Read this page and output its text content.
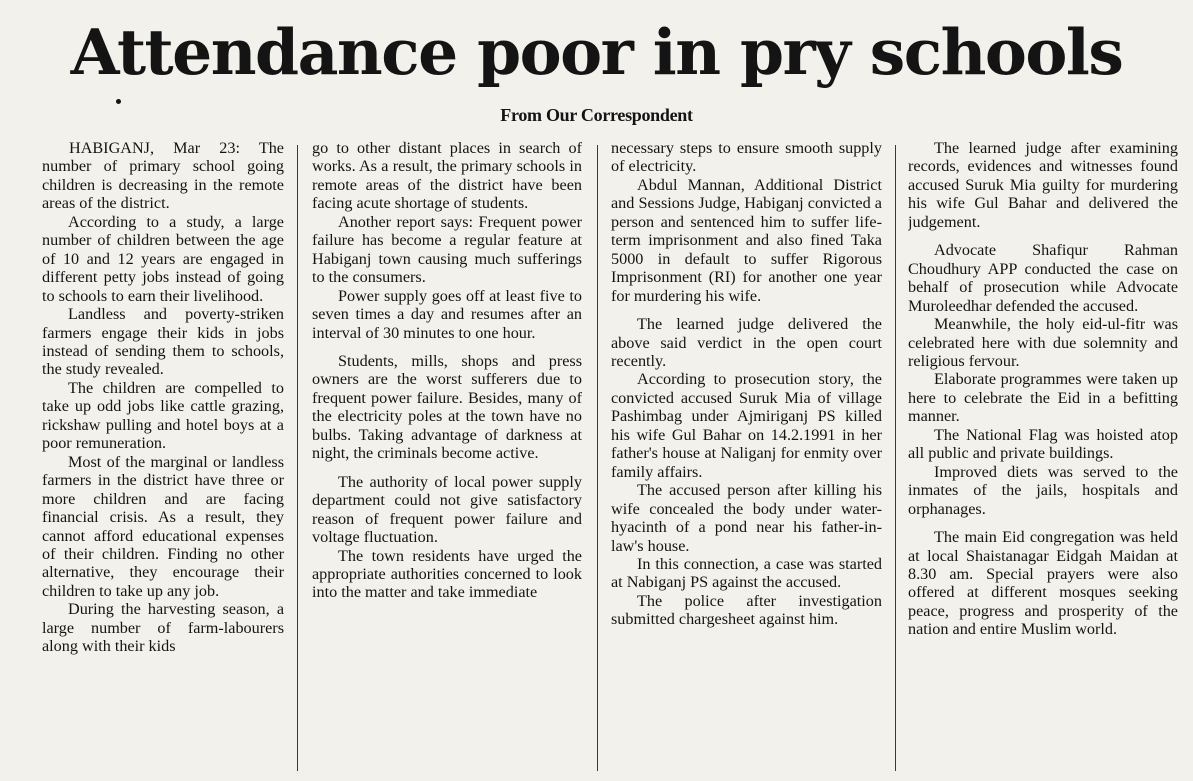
Attendance poor in pry schools
From Our Correspondent

HABIGANJ, Mar 23: The number of primary school going children is decreasing in the remote areas of the district.

According to a study, a large number of children between the age of 10 and 12 years are engaged in different petty jobs instead of going to schools to earn their livelihood.

Landless and poverty-striken farmers engage their kids in jobs instead of sending them to schools, the study revealed.

The children are compelled to take up odd jobs like cattle grazing, rickshaw pulling and hotel boys at a poor remuneration.

Most of the marginal or landless farmers in the district have three or more children and are facing financial crisis. As a result, they cannot afford educational expenses of their children. Finding no other alternative, they encourage their children to take up any job.

During the harvesting season, a large number of farm-labourers along with their kids

go to other distant places in search of works. As a result, the primary schools in remote areas of the district have been facing acute shortage of students.

Another report says: Frequent power failure has become a regular feature at Habiganj town causing much sufferings to the consumers.

Power supply goes off at least five to seven times a day and resumes after an interval of 30 minutes to one hour.

Students, mills, shops and press owners are the worst sufferers due to frequent power failure. Besides, many of the electricity poles at the town have no bulbs. Taking advantage of darkness at night, the criminals become active.

The authority of local power supply department could not give satisfactory reason of frequent power failure and voltage fluctuation.

The town residents have urged the appropriate authorities concerned to look into the matter and take immediate

necessary steps to ensure smooth supply of electricity.

Abdul Mannan, Additional District and Sessions Judge, Habiganj convicted a person and sentenced him to suffer life-term imprisonment and also fined Taka 5000 in default to suffer Rigorous Imprisonment (RI) for another one year for murdering his wife.

The learned judge delivered the above said verdict in the open court recently.

According to prosecution story, the convicted accused Suruk Mia of village Pashimbag under Ajmiriganj PS killed his wife Gul Bahar on 14.2.1991 in her father's house at Naliganj for enmity over family affairs.

The accused person after killing his wife concealed the body under water-hyacinth of a pond near his father-in-law's house.

In this connection, a case was started at Nabiganj PS against the accused.

The police after investigation submitted chargesheet against him.

The learned judge after examining records, evidences and witnesses found accused Suruk Mia guilty for murdering his wife Gul Bahar and delivered the judgement.

Advocate Shafiqur Rahman Choudhury APP conducted the case on behalf of prosecution while Advocate Muroleedhar defended the accused.

Meanwhile, the holy eid-ul-fitr was celebrated here with due solemnity and religious fervour.

Elaborate programmes were taken up here to celebrate the Eid in a befitting manner.

The National Flag was hoisted atop all public and private buildings.

Improved diets was served to the inmates of the jails, hospitals and orphanages.

The main Eid congregation was held at local Shaistanagar Eidgah Maidan at 8.30 am. Special prayers were also offered at different mosques seeking peace, progress and prosperity of the nation and entire Muslim world.
